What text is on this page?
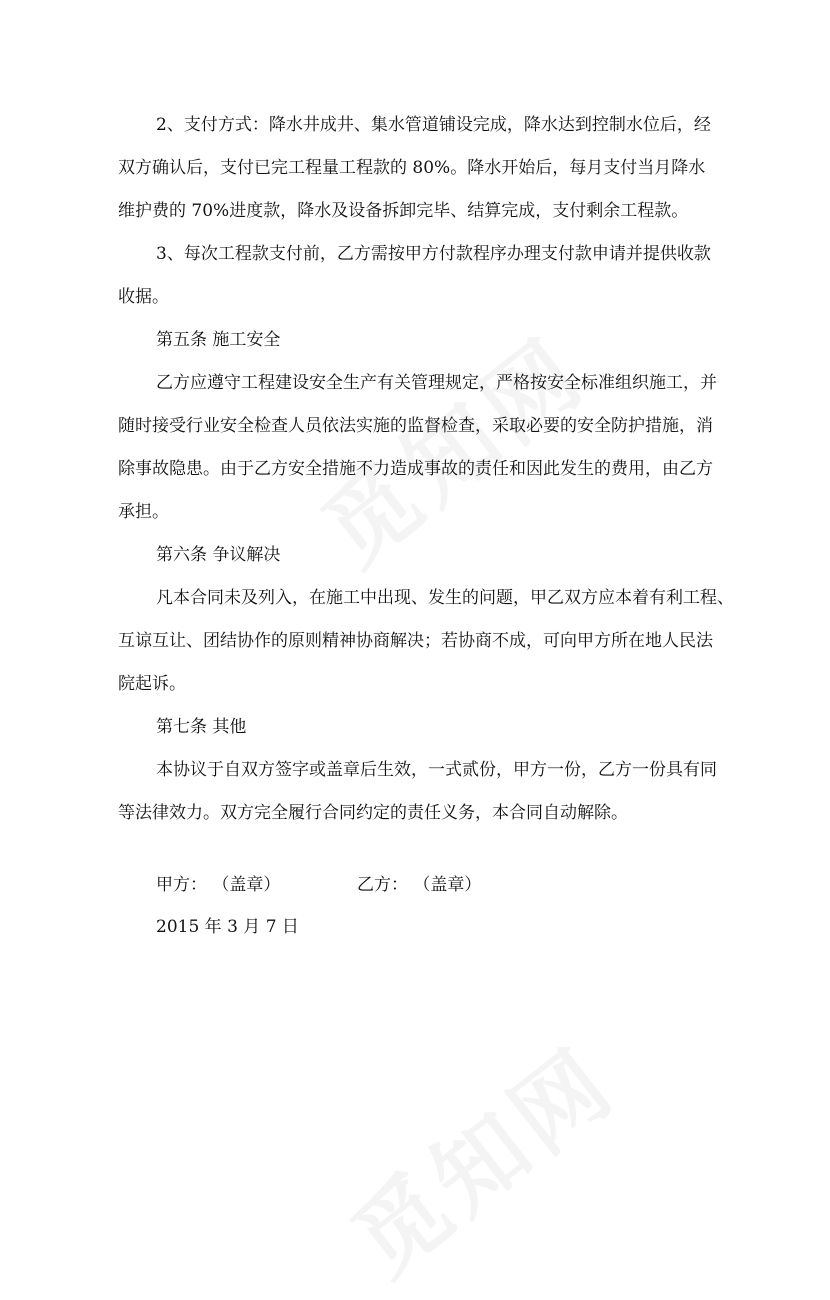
2、支付方式：降水井成井、集水管道铺设完成，降水达到控制水位后，经
双方确认后，支付已完工程量工程款的 80%。降水开始后，每月支付当月降水
维护费的 70%进度款，降水及设备拆卸完毕、结算完成，支付剩余工程款。
3、每次工程款支付前，乙方需按甲方付款程序办理支付款申请并提供收款
收据。
第五条 施工安全
乙方应遵守工程建设安全生产有关管理规定，严格按安全标准组织施工，并
随时接受行业安全检查人员依法实施的监督检查，采取必要的安全防护措施，消
除事故隐患。由于乙方安全措施不力造成事故的责任和因此发生的费用，由乙方
承担。
第六条 争议解决
凡本合同未及列入，在施工中出现、发生的问题，甲乙双方应本着有利工程、
互谅互让、团结协作的原则精神协商解决；若协商不成，可向甲方所在地人民法
院起诉。
第七条 其他
本协议于自双方签字或盖章后生效，一式贰份，甲方一份，乙方一份具有同
等法律效力。双方完全履行合同约定的责任义务，本合同自动解除。
甲方： （盖章）	乙方： （盖章）
2015 年 3 月 7 日
